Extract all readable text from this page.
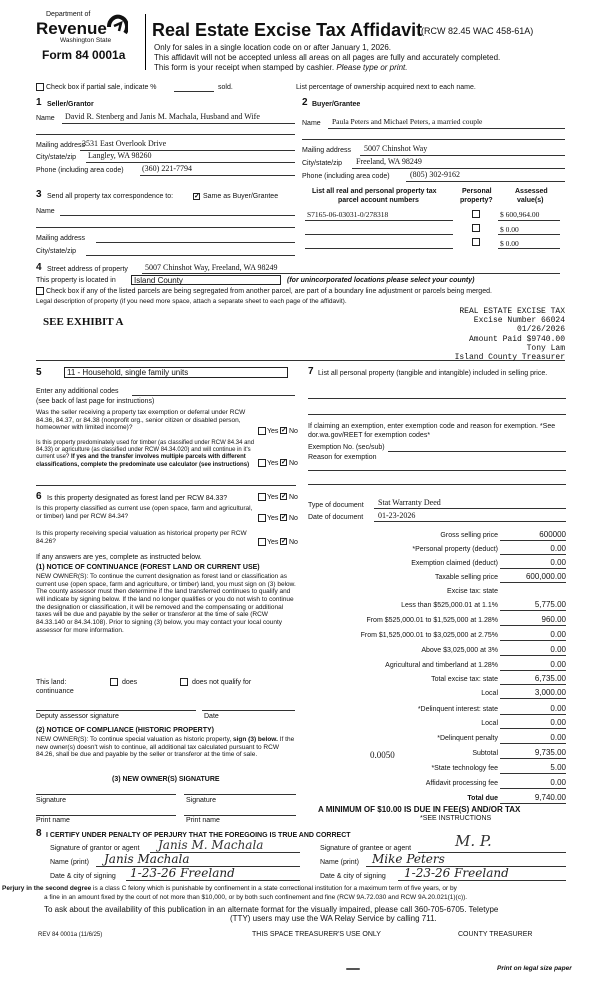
Department of
Revenue
Washington State
Form 84 0001a
Real Estate Excise Tax Affidavit
(RCW 82.45 WAC 458-61A)
Only for sales in a single location code on or after January 1, 2026.
This affidavit will not be accepted unless all areas on all pages are fully and accurately completed.
This form is your receipt when stamped by cashier. Please type or print.
Check box if partial sale, indicate %	sold.	List percentage of ownership acquired next to each name.
1 Seller/Grantor
Name David R. Stenberg and Janis M. Machala, Husband and Wife
Mailing address
3531 East Overlook Drive
City/state/zip Langley, WA 98260
Phone (including area code) (360) 221-7794
2 Buyer/Grantee
Name Paula Peters and Michael Peters, a married couple
Mailing address 5007 Chinshot Way
City/state/zip Freeland, WA 98249
Phone (including area code)	(805) 302-9162
3 Send all property tax correspondence to:	✓ Same as Buyer/Grantee
Name
Mailing address
City/state/zip
List all real and personal property tax
parcel account numbers
Personal
property?
Assessed
value(s)
S7165-06-03031-0/278318	$ 600,964.00
$ 0.00
$ 0.00
4 Street address of property 5007 Chinshot Way, Freeland, WA 98249
This property is located in	Island County	(for unincorporated locations please select your county)
Check box if any of the listed parcels are being segregated from another parcel, are part of a boundary line adjustment or parcels being merged.
Legal description of property (if you need more space, attach a separate sheet to each page of the affidavit).
SEE EXHIBIT A
REAL ESTATE EXCISE TAX
Excise Number 66024
01/26/2026
Amount Paid $9740.00
Tony Lam
Island County Treasurer
5	11 - Household, single family units
Enter any additional codes
(see back of last page for instructions)
Was the seller receiving a property tax exemption or deferral under RCW 84.36, 84.37, or 84.38 (nonprofit org., senior citizen or disabled person, homeowner with limited income)?
Yes ✓ No
Is this property predominately used for timber (as classified under RCW 84.34 and 84.33) or agriculture (as classified under RCW 84.34.020) and will continue in it's current use? If yes and the transfer involves multiple parcels with different classifications, complete the predominate use calculator (see instructions)	Yes ✓ No
6 Is this property designated as forest land per RCW 84.33?	Yes ✓ No
Is this property classified as current use (open space, farm and agricultural, or timber) land per RCW 84.34?	Yes ✓ No
Is this property receiving special valuation as historical property per RCW 84.26?	Yes ✓ No
If any answers are yes, complete as instructed below.
(1) NOTICE OF CONTINUANCE (FOREST LAND OR CURRENT USE)
NEW OWNER(S): To continue the current designation as forest land or classification as current use (open space, farm and agriculture, or timber) land, you must sign on (3) below. The county assessor must then determine if the land transferred continues to qualify and will indicate by signing below. If the land no longer qualifies or you do not wish to continue the designation or classification, it will be removed and the compensating or additional taxes will be due and payable by the seller or transferor at the time of sale (RCW 84.33.140 or 84.34.108). Prior to signing (3) below, you may contact your local county assessor for more information.
This land:
continuance
does	does not qualify for
Deputy assessor signature	Date
(2) NOTICE OF COMPLIANCE (HISTORIC PROPERTY)
NEW OWNER(S): To continue special valuation as historic property, sign (3) below. If the new owner(s) doesn't wish to continue, all additional tax calculated pursuant to RCW 84.26, shall be due and payable by the seller or transferor at the time of sale.
(3) NEW OWNER(S) SIGNATURE
Signature	Signature
Print name	Print name
7 List all personal property (tangible and intangible) included in selling price.
If claiming an exemption, enter exemption code and reason for exemption. *See dor.wa.gov/REET for exemption codes*
Exemption No. (sec/sub)
Reason for exemption
Type of document Stat Warranty Deed
Date of document 01-23-2026
Gross selling price	600000
*Personal property (deduct)	0.00
Exemption claimed (deduct)	0.00
Taxable selling price	600,000.00
Excise tax: state
Less than $525,000.01 at 1.1%	5,775.00
From $525,000.01 to $1,525,000 at 1.28%	960.00
From $1,525,000.01 to $3,025,000 at 2.75%	0.00
Above $3,025,000 at 3%	0.00
Agricultural and timberland at 1.28%	0.00
Total excise tax: state	6,735.00
Local	3,000.00
*Delinquent interest: state	0.00
Local	0.00
*Delinquent penalty	0.00
Subtotal	9,735.00
*State technology fee	5.00
Affidavit processing fee	0.00
Total due	9,740.00
0.0050
A MINIMUM OF $10.00 IS DUE IN FEE(S) AND/OR TAX
*SEE INSTRUCTIONS
8 I CERTIFY UNDER PENALTY OF PERJURY THAT THE FOREGOING IS TRUE AND CORRECT
Signature of grantor or agent Janis M. Machala
Name (print) Janis Machala
Date & city of signing 1-23-26 Freeland
Signature of grantee or agent	M. P.
Name (print) Mike Peters
Date & city of signing 1-23-26 Freeland
Perjury in the second degree is a class C felony which is punishable by confinement in a state correctional institution for a maximum term of five years, or by
a fine in an amount fixed by the court of not more than $10,000, or by both such confinement and fine (RCW 9A.72.030 and RCW 9A.20.021(1)(c)).
To ask about the availability of this publication in an alternate format for the visually impaired, please call 360-705-6705. Teletype
(TTY) users may use the WA Relay Service by calling 711.
REV 84 0001a (11/6/25)	THIS SPACE TREASURER'S USE ONLY	COUNTY TREASURER
Print on legal size paper
